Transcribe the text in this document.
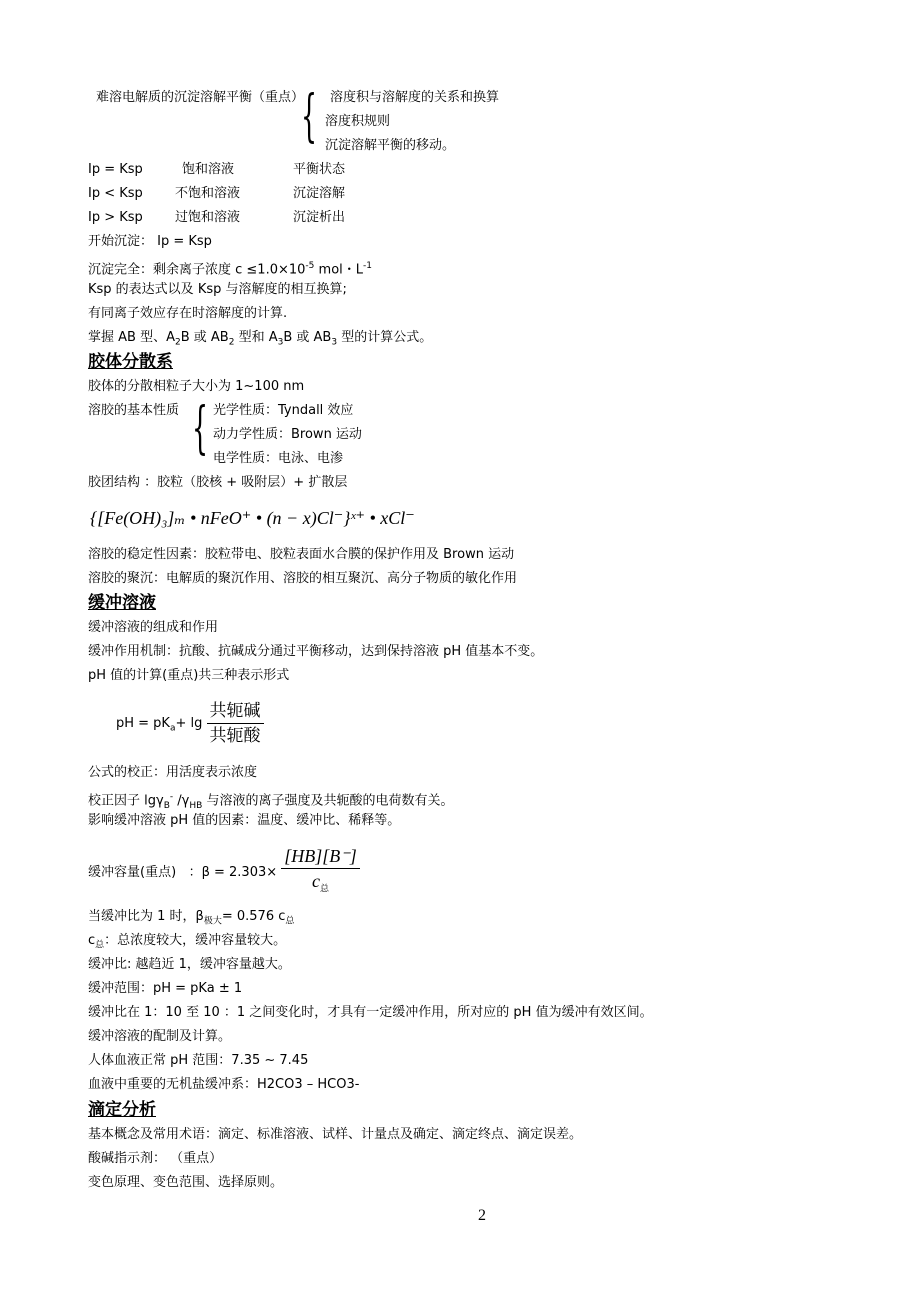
难溶电解质的沉淀溶解平衡（重点）
{ 溶度积与溶解度的关系和换算
溶度积规则
沉淀溶解平衡的移动。
Ip = Ksp	饱和溶液	平衡状态
Ip < Ksp 不饱和溶液	沉淀溶解
Ip > Ksp 过饱和溶液	沉淀析出
开始沉淀： Ip = Ksp
沉淀完全：剩余离子浓度 $c \le 1.0\times 10^{-5}$ mol・$L^{-1}$
Ksp 的表达式以及 Ksp 与溶解度的相互换算;
有同离子效应存在时溶解度的计算.
掌握 AB 型、$A_2B$ 或 $AB_2$ 型和 $A_3B$ 或 $AB_3$ 型的计算公式。
胶体分散系
胶体的分散相粒子大小为 1~100 nm
溶胶的基本性质 { 光学性质：Tyndall 效应
动力学性质：Brown 运动
电学性质：电泳、电渗
胶团结构 ：胶粒（胶核 + 吸附层）+ 扩散层
{[Fe(OH)₃]ₘ • nFeO⁺ • (n − x)Cl⁻}ˣ⁺ • xCl⁻
溶胶的稳定性因素：胶粒带电、胶粒表面水合膜的保护作用及 Brown 运动
溶胶的聚沉：电解质的聚沉作用、溶胶的相互聚沉、高分子物质的敏化作用
缓冲溶液
缓冲溶液的组成和作用
缓冲作用机制：抗酸、抗碱成分通过平衡移动，达到保持溶液 pH 值基本不变。
pH 值的计算(重点)共三种表示形式
pH = $pK_a+ \lg \frac{\text{共轭碱}}{\text{共轭酸}}$
公式的校正：用活度表示浓度
校正因子 lgγ$_B$- $/\gamma_{HB}$ 与溶液的离子强度及共轭酸的电荷数有关。
影响缓冲溶液 pH 值的因素：温度、缓冲比、稀释等。
缓冲容量(重点) ：$\beta = 2.303\times \frac{[HB][B^-]}{c_总}$
当缓冲比为 1 时，$\beta_{极大}= 0.576$ $c_总$
$c_总$：总浓度较大，缓冲容量较大。
缓冲比: 越趋近 1，缓冲容量越大。
缓冲范围：pH = pKa ± 1
缓冲比在 1：10 至 10 ：1 之间变化时，才具有一定缓冲作用，所对应的 pH 值为缓冲有效区间。
缓冲溶液的配制及计算。
人体血液正常 pH 范围：7.35 ~ 7.45
血液中重要的无机盐缓冲系：H2CO3 – HCO3-
滴定分析
基本概念及常用术语：滴定、标准溶液、试样、计量点及确定、滴定终点、滴定误差。
酸碱指示剂： （重点）
变色原理、变色范围、选择原则。
2
